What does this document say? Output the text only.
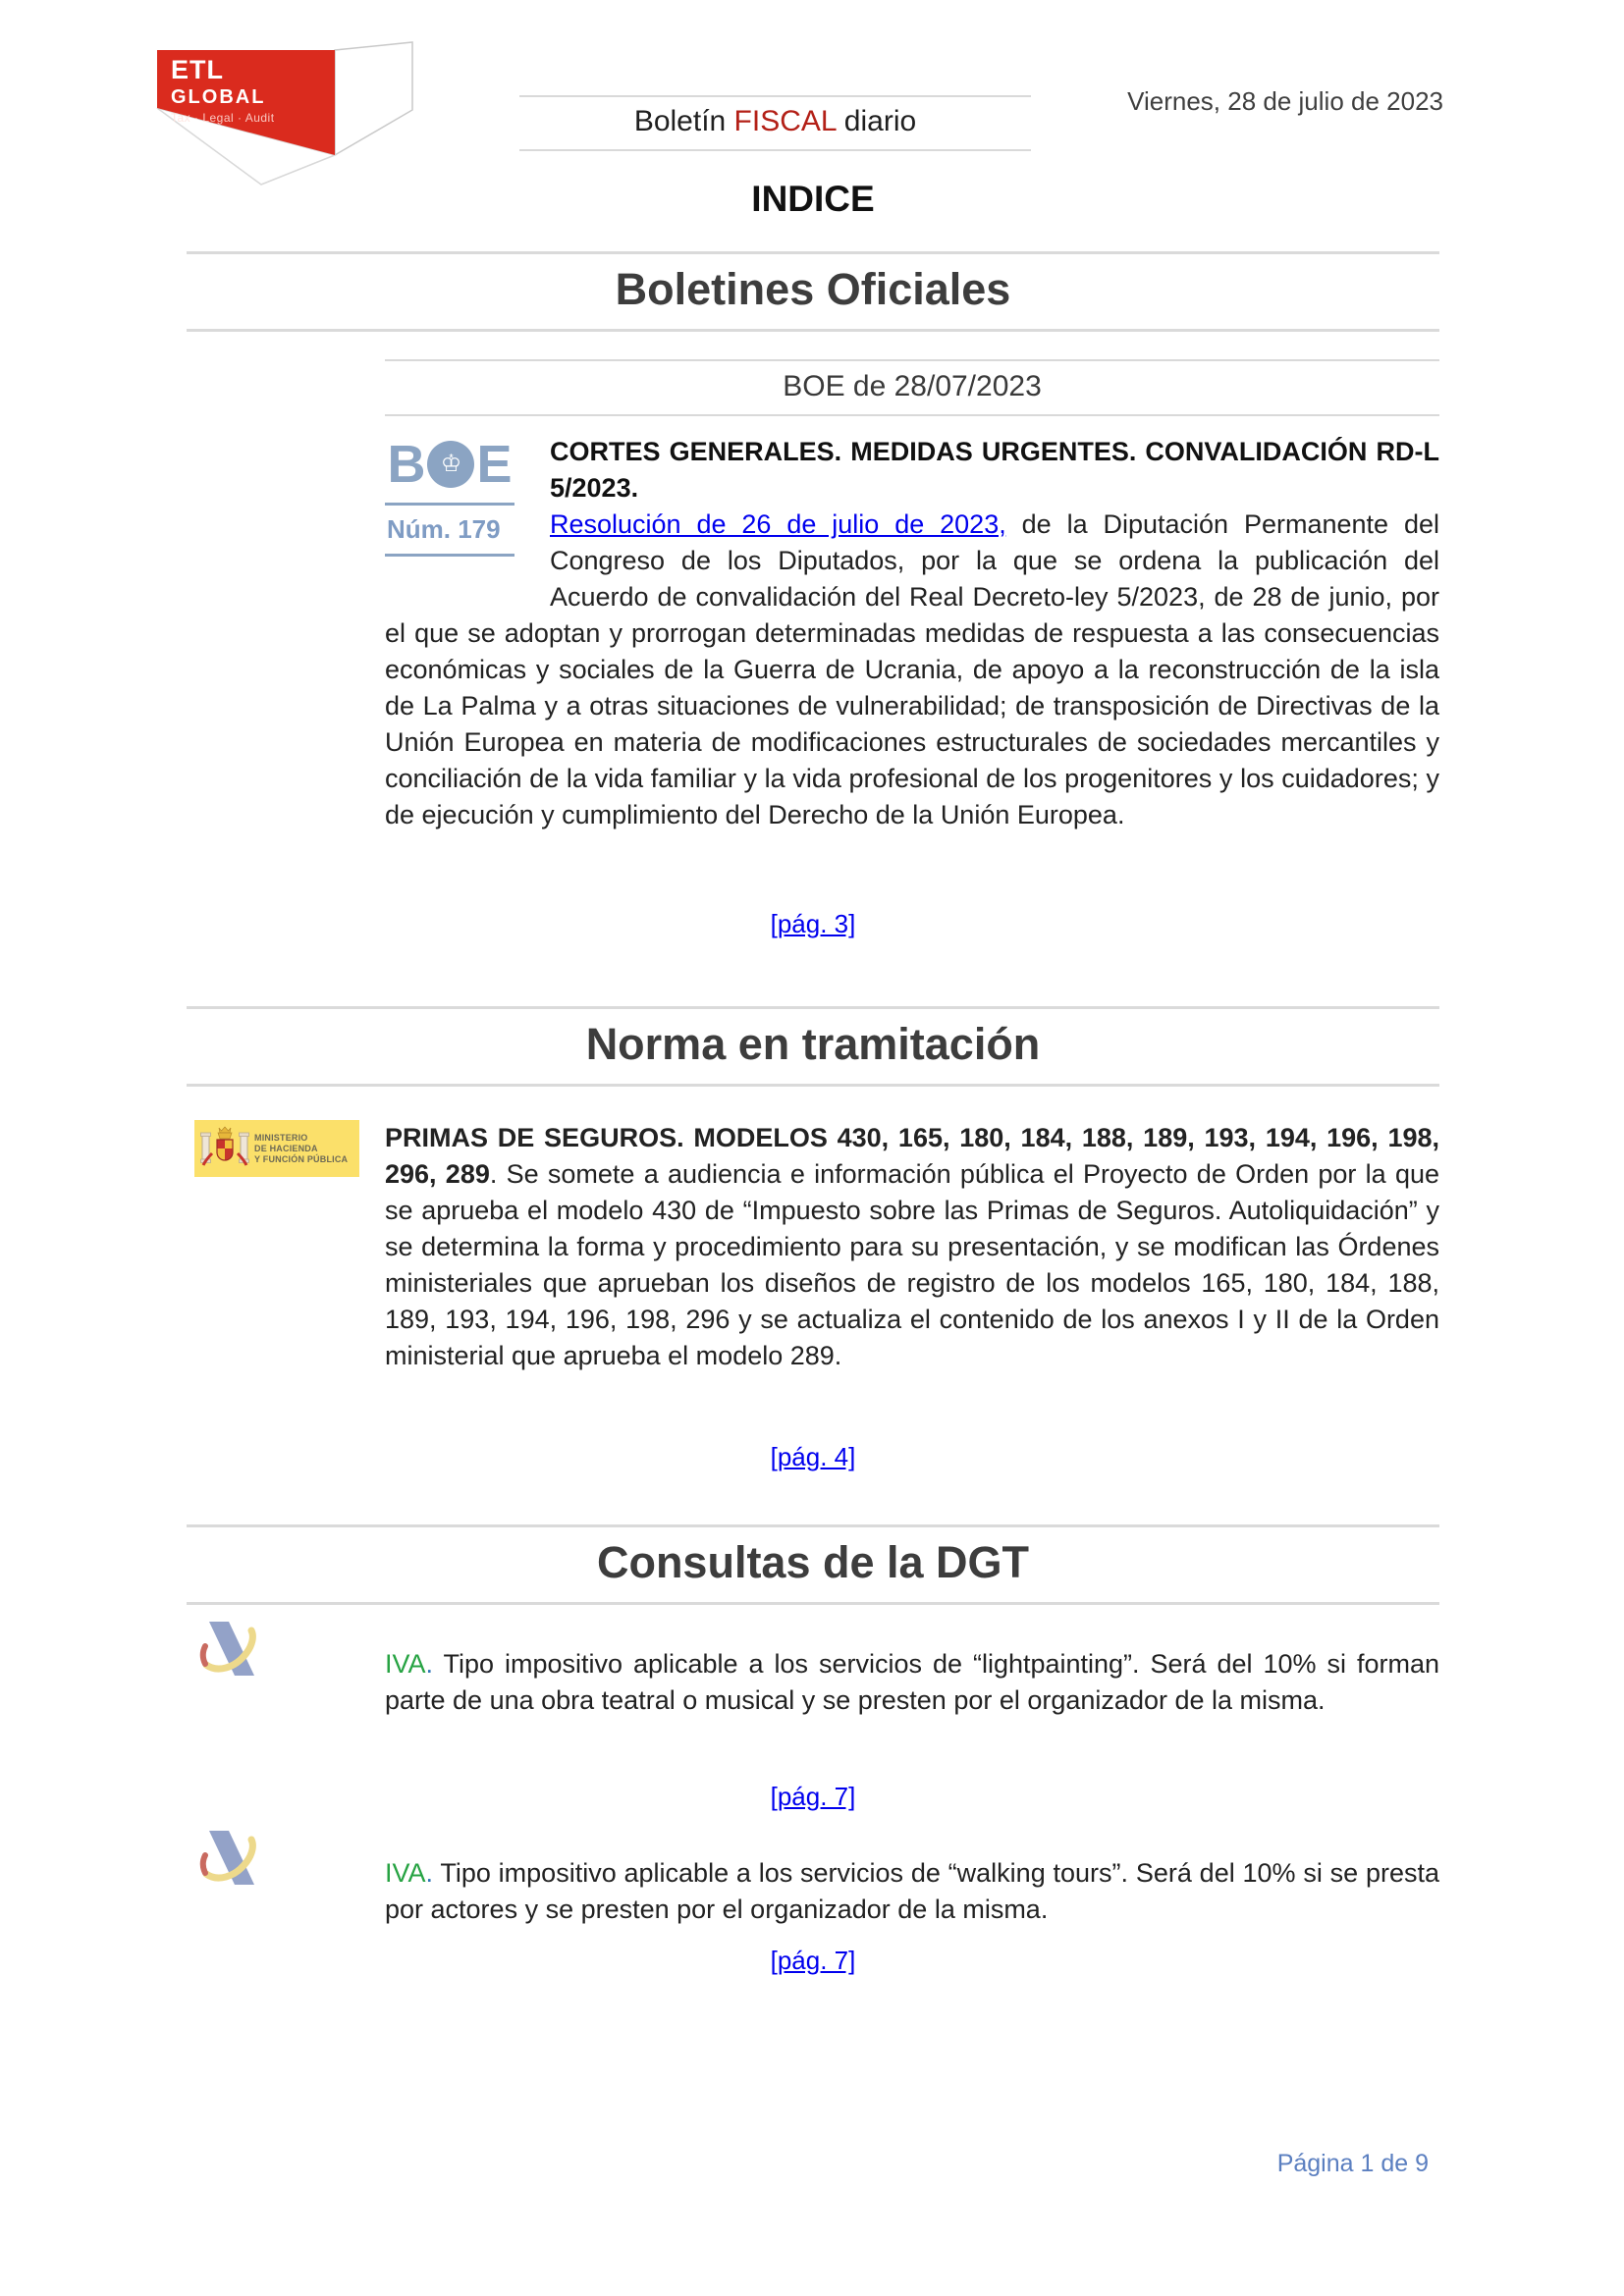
ETL
GLOBAL
Tax · Legal · Audit	Boletín FISCAL diario
Viernes, 28 de julio de 2023
INDICE
Boletines Oficiales
BOE de 28/07/2023
B ♔ E
Núm. 179
CORTES GENERALES. MEDIDAS URGENTES. CONVALIDACIÓN RD-L 5/2023.

Resolución de 26 de julio de 2023, de la Diputación Permanente del Congreso de los Diputados, por la que se ordena la publicación del Acuerdo de convalidación del Real Decreto-ley 5/2023, de 28 de junio, por el que se adoptan y prorrogan determinadas medidas de respuesta a las consecuencias económicas y sociales de la Guerra de Ucrania, de apoyo a la reconstrucción de la isla de La Palma y a otras situaciones de vulnerabilidad; de transposición de Directivas de la Unión Europea en materia de modificaciones estructurales de sociedades mercantiles y conciliación de la vida familiar y la vida profesional de los progenitores y los cuidadores; y de ejecución y cumplimiento del Derecho de la Unión Europea.

[pág. 3]
Norma en tramitación
MINISTERIO
DE HACIENDA
Y FUNCIÓN PÚBLICA
PRIMAS DE SEGUROS. MODELOS 430, 165, 180, 184, 188, 189, 193, 194, 196, 198, 296, 289. Se somete a audiencia e información pública el Proyecto de Orden por la que se aprueba el modelo 430 de “Impuesto sobre las Primas de Seguros. Autoliquidación” y se determina la forma y procedimiento para su presentación, y se modifican las Órdenes ministeriales que aprueban los diseños de registro de los modelos 165, 180, 184, 188, 189, 193, 194, 196, 198, 296 y se actualiza el contenido de los anexos I y II de la Orden ministerial que aprueba el modelo 289.
[pág. 4]
Consultas de la DGT
IVA. Tipo impositivo aplicable a los servicios de “lightpainting”. Será del 10% si forman parte de una obra teatral o musical y se presten por el organizador de la misma.
[pág. 7]
IVA. Tipo impositivo aplicable a los servicios de “walking tours”. Será del 10% si se presta por actores y se presten por el organizador de la misma.
[pág. 7]
Página 1 de 9
